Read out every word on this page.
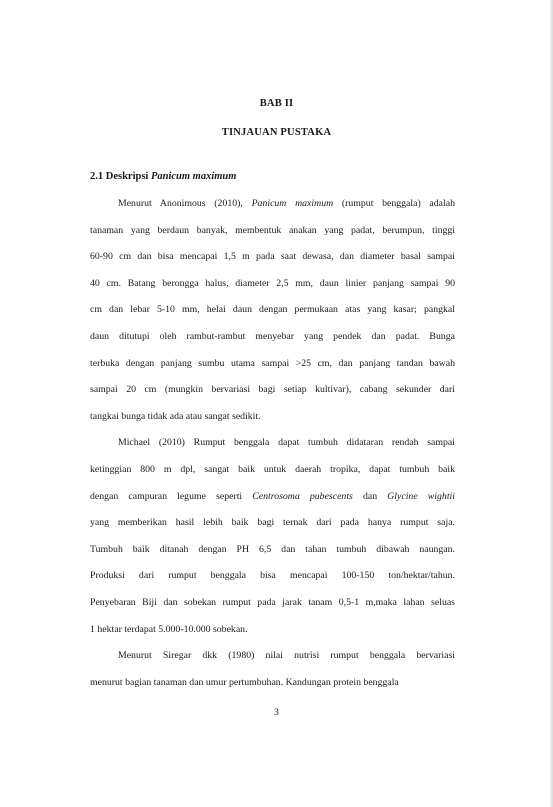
BAB II
TINJAUAN PUSTAKA
2.1 Deskripsi Panicum maximum
Menurut Anonimous (2010), Panicum maximum (rumput benggala) adalah
tanaman yang berdaun banyak, membentuk anakan yang padat, berumpun, tinggi
60-90 cm dan bisa mencapai 1,5 m pada saat dewasa, dan diameter basal sampai
40 cm. Batang berongga halus, diameter 2,5 mm, daun linier panjang sampai 90
cm dan lebar 5-10 mm, helai daun dengan permukaan atas yang kasar; pangkal
daun ditutupi oleh rambut-rambut menyebar yang pendek dan padat. Bunga
terbuka dengan panjang sumbu utama sampai >25 cm, dan panjang tandan bawah
sampai 20 cm (mungkin bervariasi bagi setiap kultivar), cabang sekunder dari
tangkai bunga tidak ada atau sangat sedikit.
Michael (2010) Rumput benggala dapat tumbuh didataran rendah sampai
ketinggian 800 m dpl, sangat baik untuk daerah tropika, dapat tumbuh baik
dengan campuran legume seperti Centrosoma pubescents dan Glycine wightii
yang memberikan hasil lebih baik bagi ternak dari pada hanya rumput saja.
Tumbuh baik ditanah dengan PH 6,5 dan tahan tumbuh dibawah naungan.
Produksi dari rumput benggala bisa mencapai 100-150 ton/hektar/tahun.
Penyebaran Biji dan sobekan rumput pada jarak tanam 0,5-1 m,maka lahan seluas
1 hektar terdapat 5.000-10.000 sobekan.
Menurut Siregar dkk (1980) nilai nutrisi rumput benggala bervariasi
menurut bagian tanaman dan umur pertumbuhan. Kandungan protein benggala
3
